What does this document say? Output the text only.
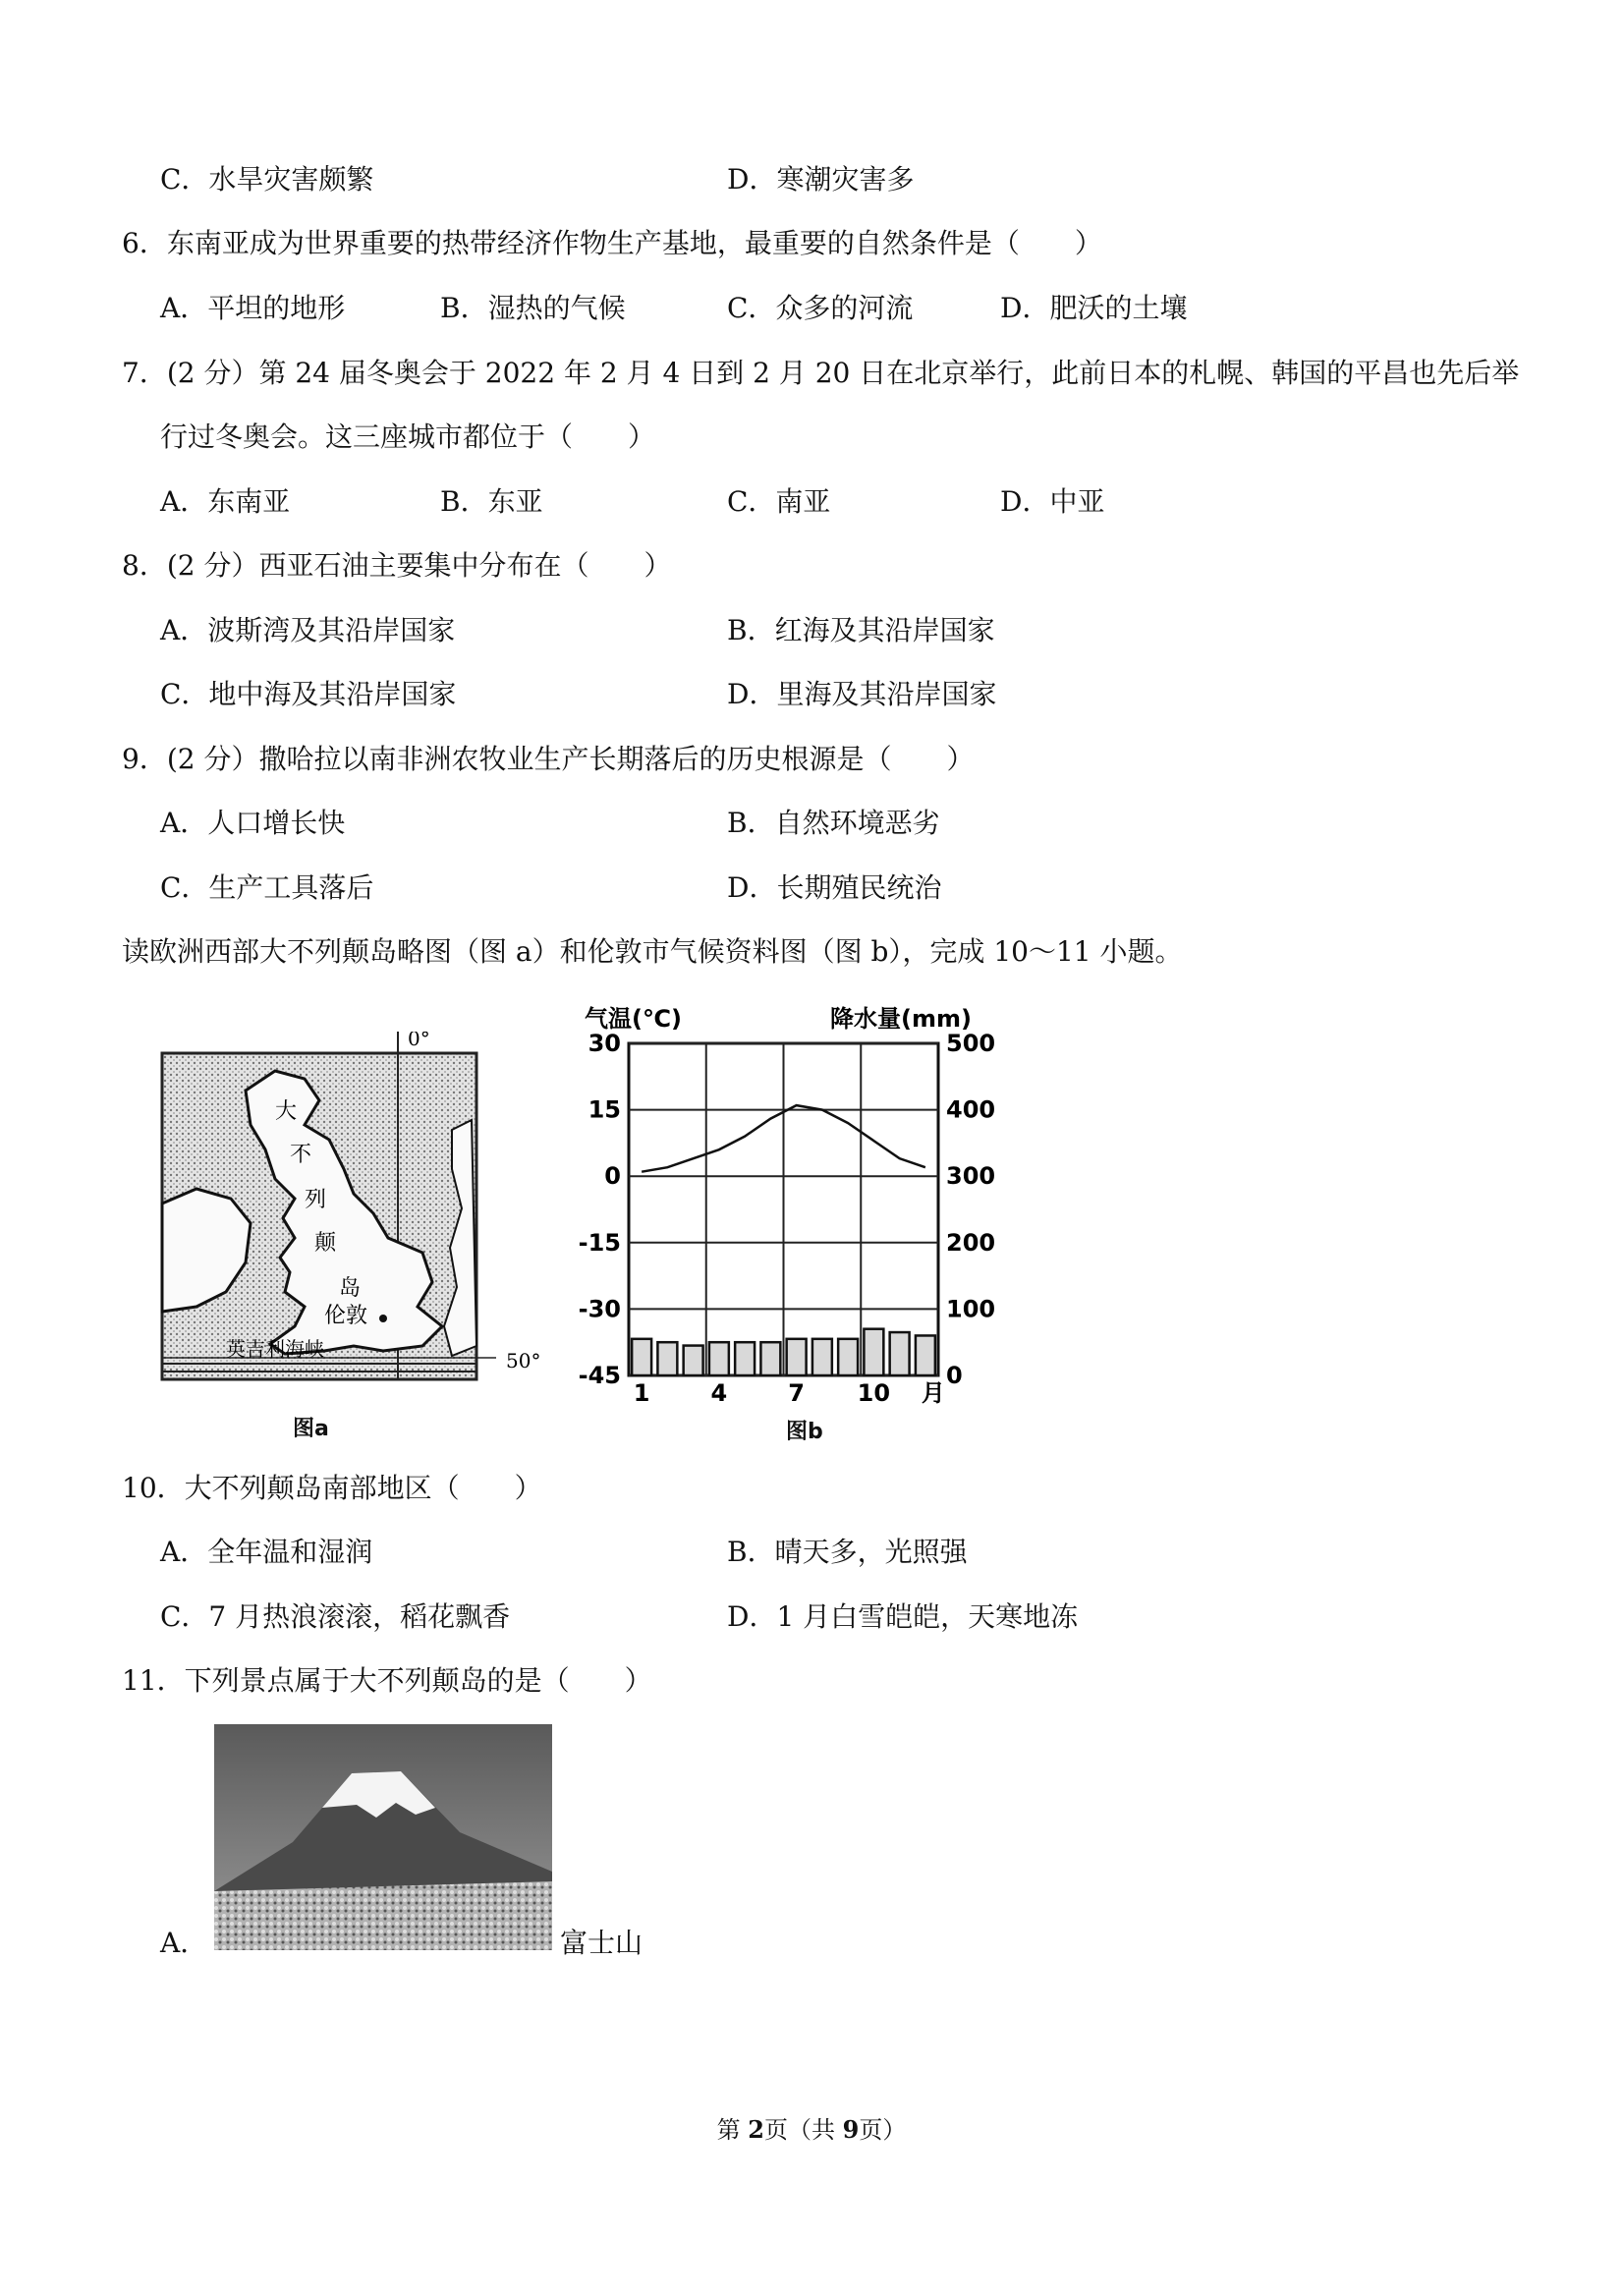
C．水旱灾害颇繁	D．寒潮灾害多
6．东南亚成为世界重要的热带经济作物生产基地，最重要的自然条件是（　　）
A．平坦的地形	B．湿热的气候	C．众多的河流	D．肥沃的土壤
7．(2 分）第 24 届冬奥会于 2022 年 2 月 4 日到 2 月 20 日在北京举行，此前日本的札幌、韩国的平昌也先后举
行过冬奥会。这三座城市都位于（　　）
A．东南亚	B．东亚	C．南亚	D．中亚
8．(2 分）西亚石油主要集中分布在（　　）
A．波斯湾及其沿岸国家	B．红海及其沿岸国家
C．地中海及其沿岸国家	D．里海及其沿岸国家
9．(2 分）撒哈拉以南非洲农牧业生产长期落后的历史根源是（　　）
A．人口增长快	B．自然环境恶劣
C．生产工具落后	D．长期殖民统治
读欧洲西部大不列颠岛略图（图 a）和伦敦市气候资料图（图 b），完成 10～11 小题。
0°
50°
大
不
列
颠
岛
伦敦
英吉利海峡
图a
气温(℃)	降水量(mm)
30
15
0
-15
-30
-45
500
400
300
200
100
0
1	4	7 10 月
图b
10．大不列颠岛南部地区（　　）
A．全年温和湿润	B．晴天多，光照强
C．7 月热浪滚滚，稻花飘香	D．1 月白雪皑皑，天寒地冻
11．下列景点属于大不列颠岛的是（　　）
A．	富士山
第 2页（共 9页）
